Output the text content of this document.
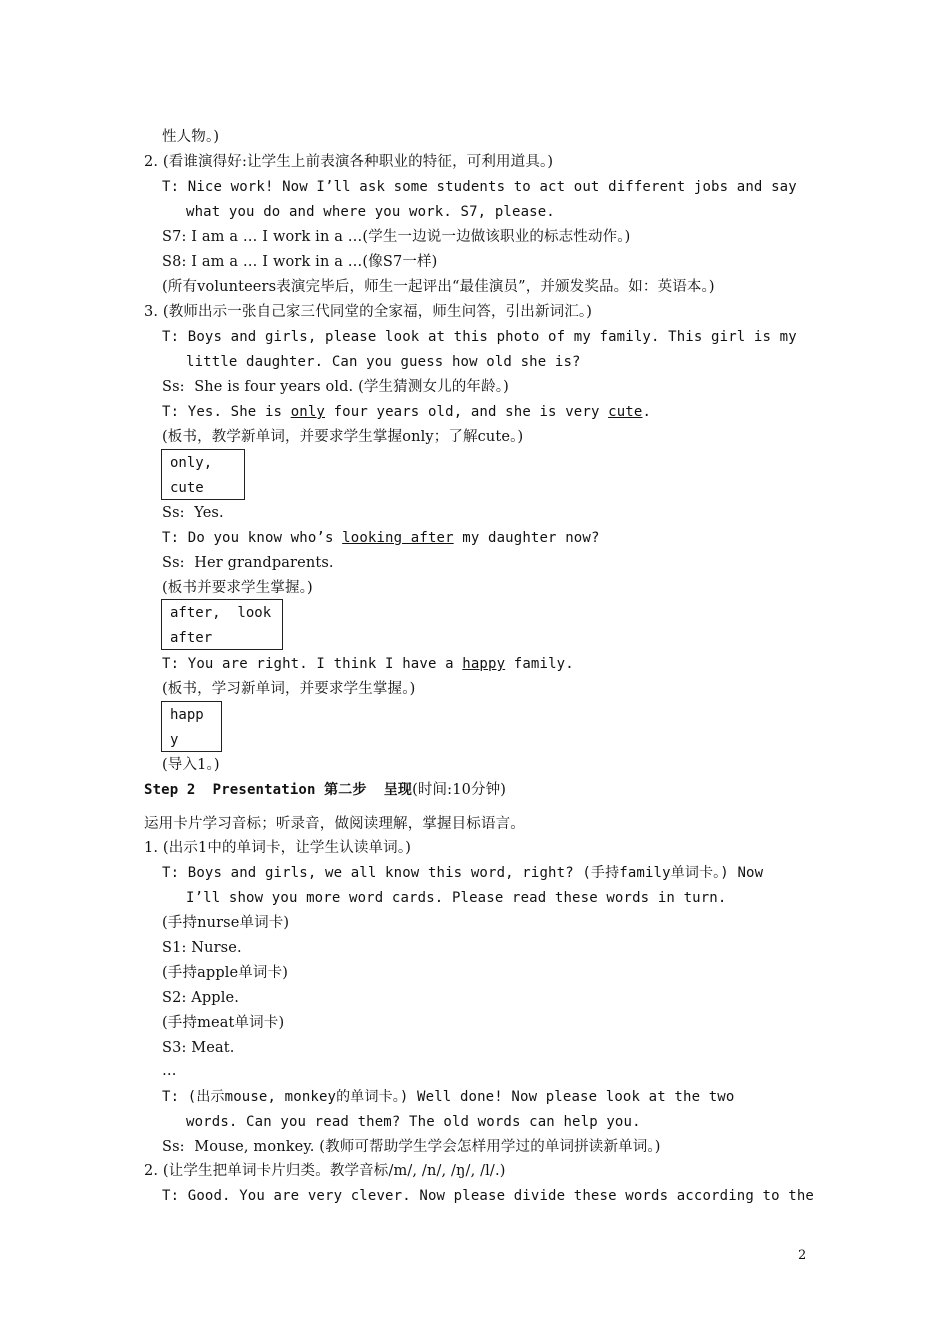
性人物。)
2. (看谁演得好:让学生上前表演各种职业的特征，可利用道具。)
T: Nice work! Now I’ll ask some students to act out different jobs and say
what you do and where you work. S7, please.
S7: I am a … I work in a …(学生一边说一边做该职业的标志性动作。)
S8: I am a … I work in a …(像S7一样)
(所有volunteers表演完毕后，师生一起评出“最佳演员”，并颁发奖品。如：英语本。)
3. (教师出示一张自己家三代同堂的全家福，师生问答，引出新词汇。)
T: Boys and girls, please look at this photo of my family. This girl is my
little daughter. Can you guess how old she is?
Ss:  She is four years old. (学生猜测女儿的年龄。)
T: Yes. She is only four years old, and she is very cute.
(板书，教学新单词，并要求学生掌握only；了解cute。)
only,
cute
Ss:  Yes.
T: Do you know who’s looking after my daughter now?
Ss:  Her grandparents.
(板书并要求学生掌握。)
after,  look
after
T: You are right. I think I have a happy family.
(板书，学习新单词，并要求学生掌握。)
happ
y
(导入1。)
Step 2  Presentation 第二步  呈现(时间:10分钟)
运用卡片学习音标；听录音，做阅读理解，掌握目标语言。
1. (出示1中的单词卡，让学生认读单词。)
T: Boys and girls, we all know this word, right? (手持family单词卡。) Now
I’ll show you more word cards. Please read these words in turn.
(手持nurse单词卡)
S1: Nurse.
(手持apple单词卡)
S2: Apple.
(手持meat单词卡)
S3: Meat.
…
T: (出示mouse, monkey的单词卡。) Well done! Now please look at the two
words. Can you read them? The old words can help you.
Ss:  Mouse, monkey. (教师可帮助学生学会怎样用学过的单词拼读新单词。)
2. (让学生把单词卡片归类。教学音标/m/, /n/, /ŋ/, /l/.)
T: Good. You are very clever. Now please divide these words according to the
2
